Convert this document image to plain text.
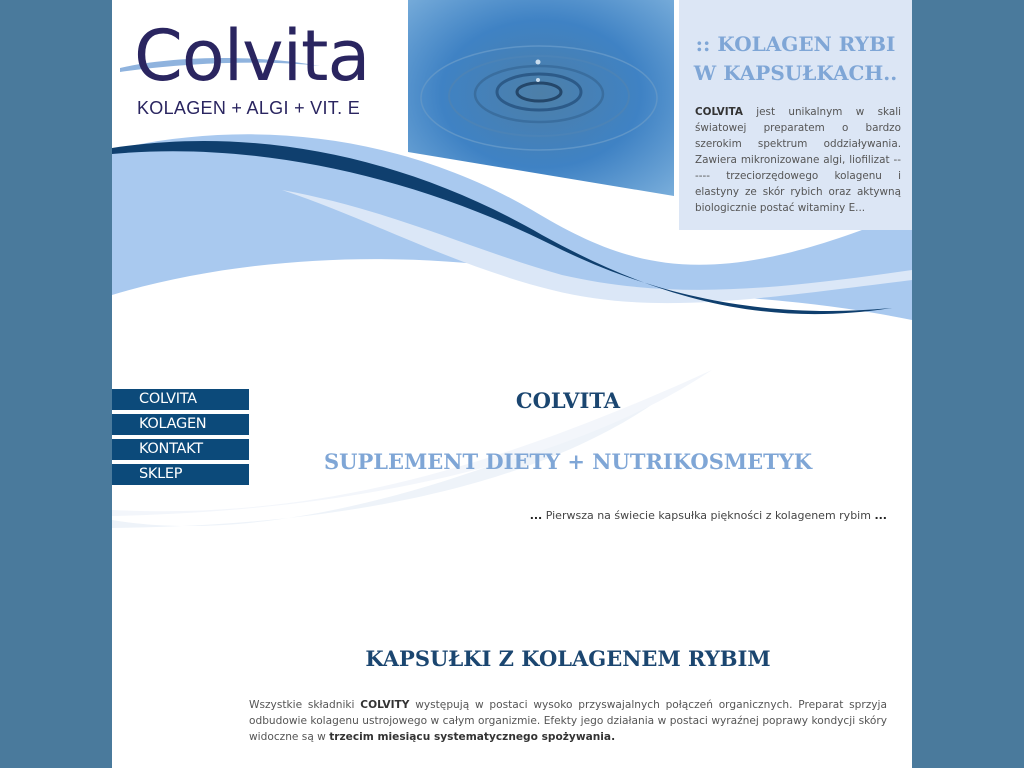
Colvita
KOLAGEN + ALGI + VIT. E
:: KOLAGEN RYBI
W KAPSUŁKACH..
COLVITA jest unikalnym w skali światowej preparatem o bardzo szerokim spektrum oddziaływania. Zawiera mikronizowane algi, liofilizat ------ trzeciorzędowego kolagenu i elastyny ze skór rybich oraz aktywną biologicznie postać witaminy E...
COLVITA
KOLAGEN
KONTAKT
SKLEP
COLVITA
SUPLEMENT DIETY + NUTRIKOSMETYK
... Pierwsza na świecie kapsułka piękności z kolagenem rybim ...
KAPSUŁKI Z KOLAGENEM RYBIM
Wszystkie składniki COLVITY występują w postaci wysoko przyswajalnych połączeń organicznych. Preparat sprzyja odbudowie kolagenu ustrojowego w całym organizmie. Efekty jego działania w postaci wyraźnej poprawy kondycji skóry widoczne są w trzecim miesiącu systematycznego spożywania.
